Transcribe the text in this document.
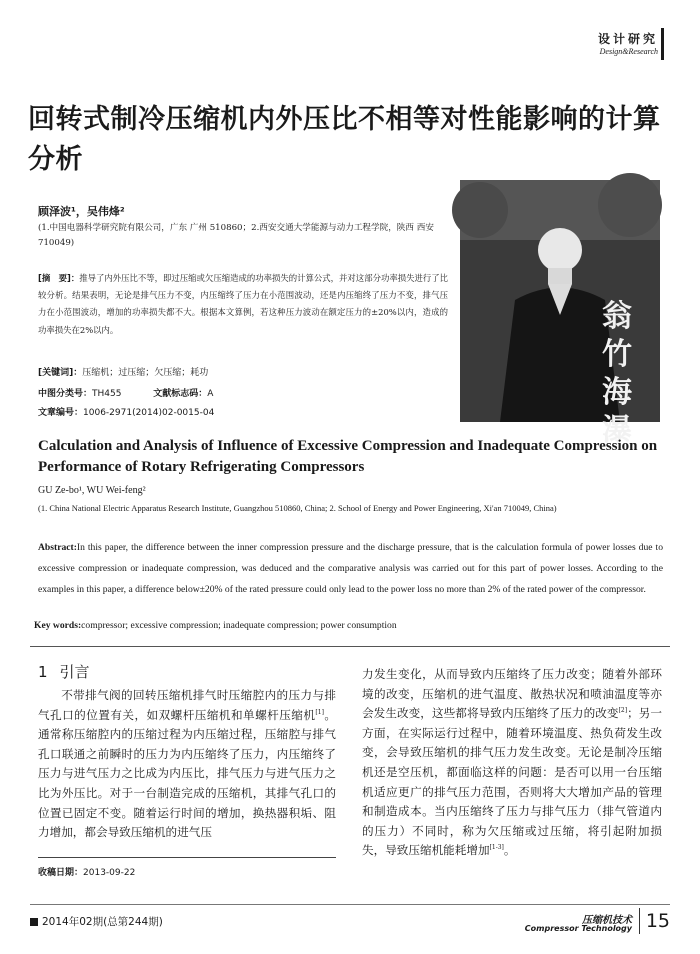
设计研究
Design&Research
回转式制冷压缩机内外压比不相等对性能影响的计算分析
顾泽波¹，吴伟烽²
(1.中国电器科学研究院有限公司，广东 广州 510860；2.西安交通大学能源与动力工程学院，陕西 西安 710049)
[摘　要]：推导了内外压比不等，即过压缩或欠压缩造成的功率损失的计算公式，并对这部分功率损失进行了比较分析。结果表明，无论是排气压力不变，内压缩终了压力在小范围波动，还是内压缩终了压力不变，排气压力在小范围波动，增加的功率损失都不大。根据本文算例，若这种压力波动在额定压力的±20%以内，造成的功率损失在2%以内。
[关键词]：压缩机；过压缩；欠压缩；耗功
中图分类号：TH455	文献标志码：A
文章编号：1006-2971(2014)02-0015-04
翁
竹
海
瀑
Calculation and Analysis of Influence of Excessive Compression and Inadequate Compression on Performance of Rotary Refrigerating Compressors
GU Ze-bo¹, WU Wei-feng²
(1. China National Electric Apparatus Research Institute, Guangzhou 510860, China; 2. School of Energy and Power Engineering, Xi'an 710049, China)
Abstract:In this paper, the difference between the inner compression pressure and the discharge pressure, that is the calculation formula of power losses due to excessive compression or inadequate compression, was deduced and the comparative analysis was carried out for this part of power losses. According to the examples in this paper, a difference below±20% of the rated pressure could only lead to the power loss no more than 2% of the rated power of the compressor.
Key words:compressor; excessive compression; inadequate compression; power consumption
1 引言
不带排气阀的回转压缩机排气时压缩腔内的压力与排气孔口的位置有关，如双螺杆压缩机和单螺杆压缩机[1]。通常称压缩腔内的压缩过程为内压缩过程，压缩腔与排气孔口联通之前瞬时的压力为内压缩终了压力，内压缩终了压力与进气压力之比成为内压比，排气压力与进气压力之比为外压比。对于一台制造完成的压缩机，其排气孔口的位置已固定不变。随着运行时间的增加，换热器积垢、阻力增加，都会导致压缩机的进气压
力发生变化，从而导致内压缩终了压力改变；随着外部环境的改变，压缩机的进气温度、散热状况和喷油温度等亦会发生改变，这些都将导致内压缩终了压力的改变[2]；另一方面，在实际运行过程中，随着环境温度、热负荷发生改变，会导致压缩机的排气压力发生改变。无论是制冷压缩机还是空压机，都面临这样的问题：是否可以用一台压缩机适应更广的排气压力范围，否则将大大增加产品的管理和制造成本。当内压缩终了压力与排气压力（排气管道内的压力）不同时，称为欠压缩或过压缩，将引起附加损失，导致压缩机能耗增加[1-3]。
收稿日期：2013-09-22
2014年02期(总第244期)	压缩机技术
Compressor Technology 15
